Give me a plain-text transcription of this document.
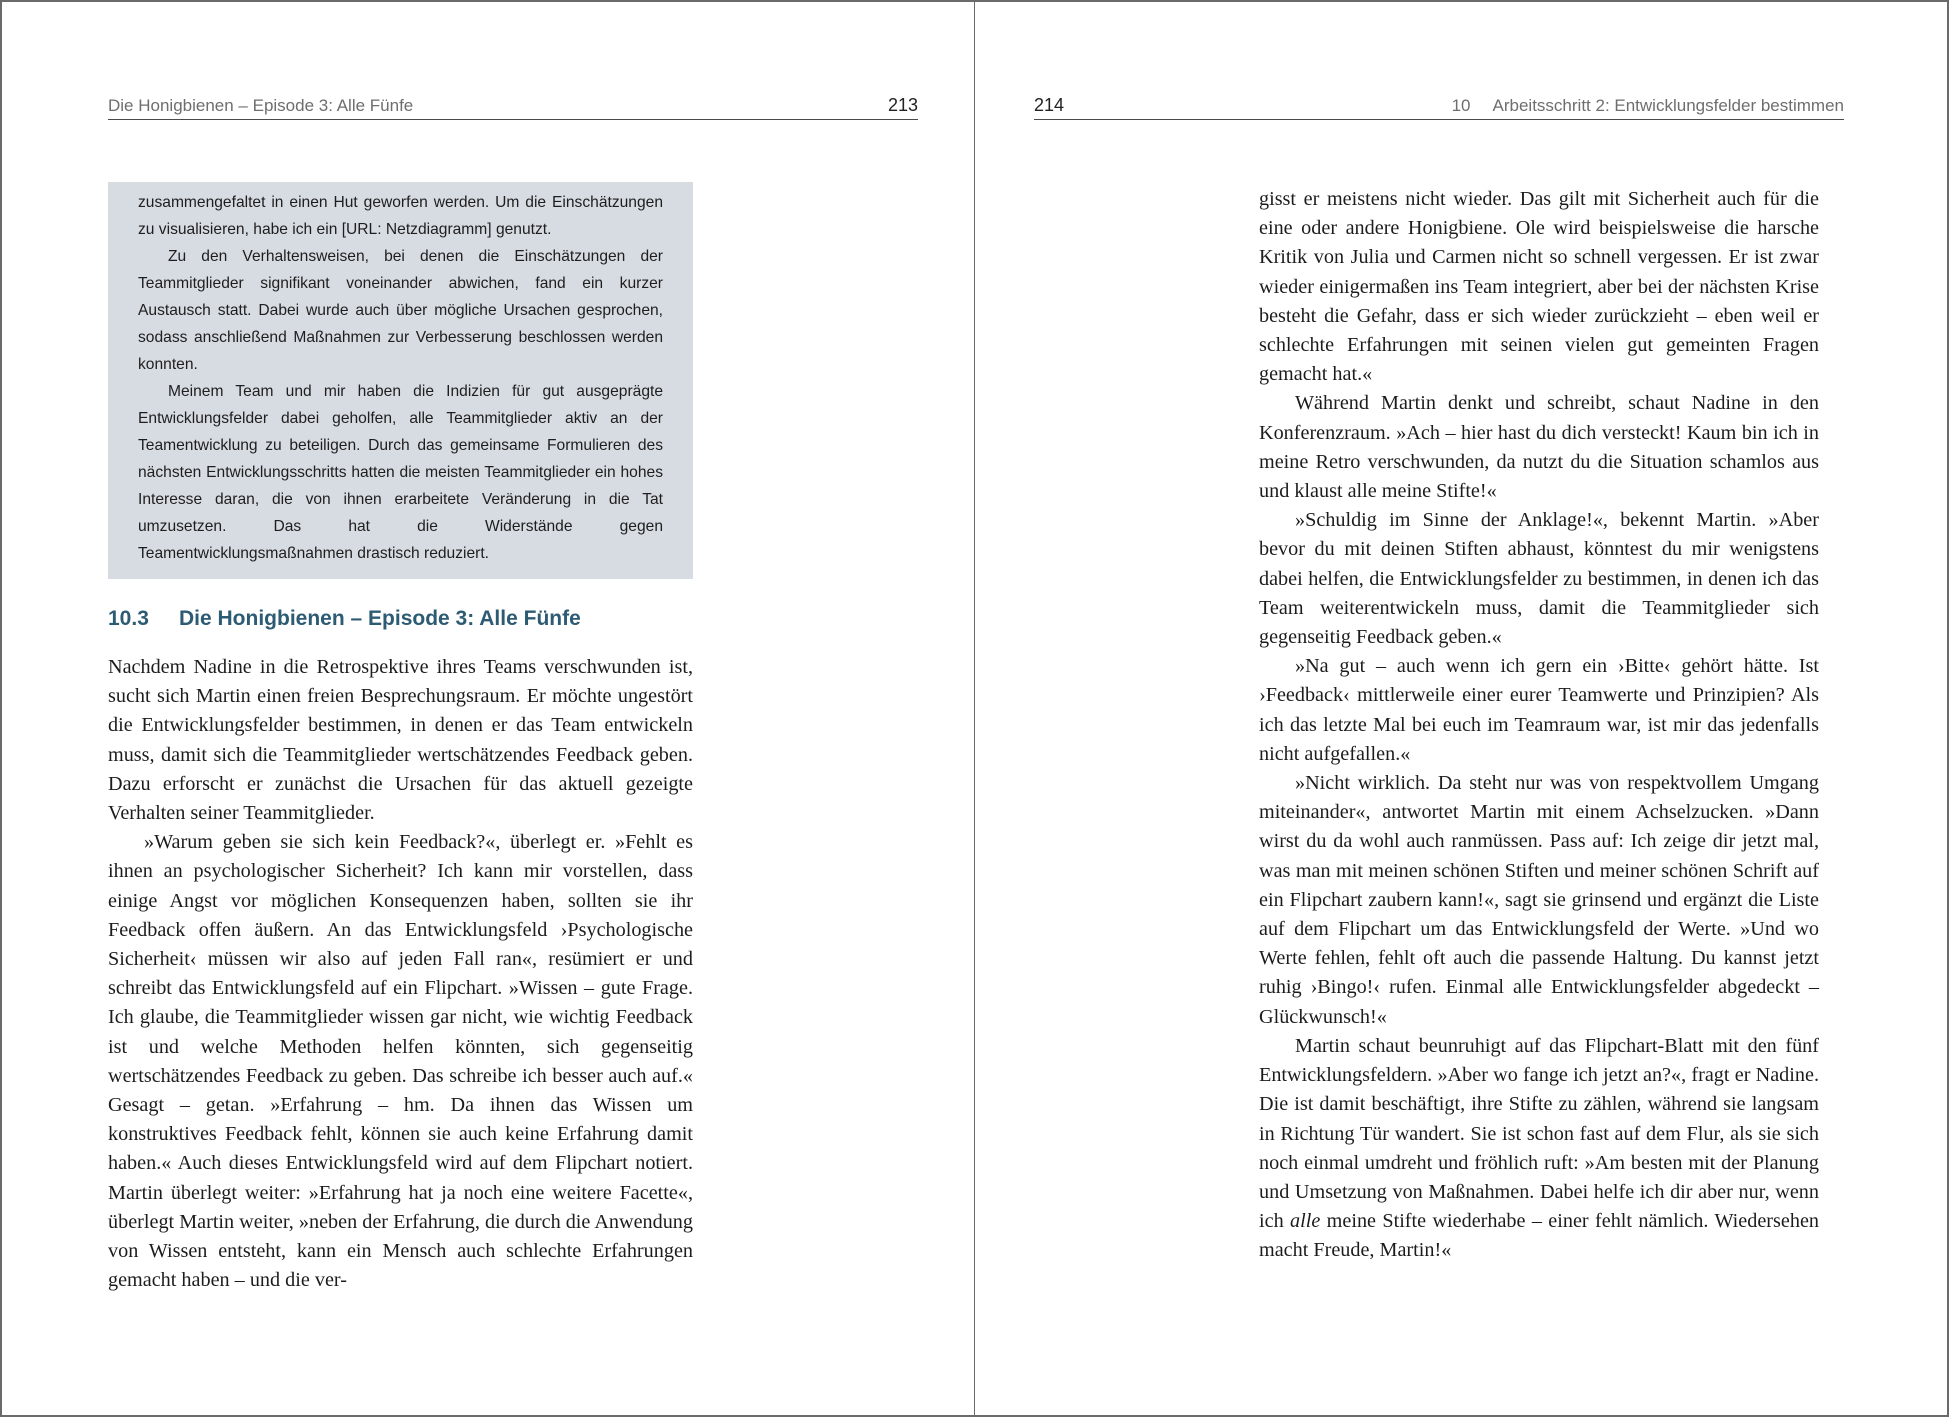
Die Honigbienen – Episode 3: Alle Fünfe	213

zusammengefaltet in einen Hut geworfen werden. Um die Einschätzungen zu visualisieren, habe ich ein [URL: Netzdiagramm] genutzt.

Zu den Verhaltensweisen, bei denen die Einschätzungen der Teammitglieder signifikant voneinander abwichen, fand ein kurzer Austausch statt. Dabei wurde auch über mögliche Ursachen gesprochen, sodass anschließend Maßnahmen zur Verbesserung beschlossen werden konnten.

Meinem Team und mir haben die Indizien für gut ausgeprägte Entwicklungsfelder dabei geholfen, alle Teammitglieder aktiv an der Teamentwicklung zu beteiligen. Durch das gemeinsame Formulieren des nächsten Entwicklungsschritts hatten die meisten Teammitglieder ein hohes Interesse daran, die von ihnen erarbeitete Veränderung in die Tat umzusetzen. Das hat die Widerstände gegen Teamentwicklungsmaßnahmen drastisch reduziert.

10.3 Die Honigbienen – Episode 3: Alle Fünfe

Nachdem Nadine in die Retrospektive ihres Teams verschwunden ist, sucht sich Martin einen freien Besprechungsraum. Er möchte ungestört die Entwicklungsfelder bestimmen, in denen er das Team entwickeln muss, damit sich die Teammitglieder wertschätzendes Feedback geben. Dazu erforscht er zunächst die Ursachen für das aktuell gezeigte Verhalten seiner Teammitglieder.

»Warum geben sie sich kein Feedback?«, überlegt er. »Fehlt es ihnen an psychologischer Sicherheit? Ich kann mir vorstellen, dass einige Angst vor möglichen Konsequenzen haben, sollten sie ihr Feedback offen äußern. An das Entwicklungsfeld ›Psychologische Sicherheit‹ müssen wir also auf jeden Fall ran«, resümiert er und schreibt das Entwicklungsfeld auf ein Flipchart. »Wissen – gute Frage. Ich glaube, die Teammitglieder wissen gar nicht, wie wichtig Feedback ist und welche Methoden helfen könnten, sich gegenseitig wertschätzendes Feedback zu geben. Das schreibe ich besser auch auf.« Gesagt – getan. »Erfahrung – hm. Da ihnen das Wissen um konstruktives Feedback fehlt, können sie auch keine Erfahrung damit haben.« Auch dieses Entwicklungsfeld wird auf dem Flipchart notiert. Martin überlegt weiter: »Erfahrung hat ja noch eine weitere Facette«, überlegt Martin weiter, »neben der Erfahrung, die durch die Anwendung von Wissen entsteht, kann ein Mensch auch schlechte Erfahrungen gemacht haben – und die ver-

214	10 Arbeitsschritt 2: Entwicklungsfelder bestimmen

gisst er meistens nicht wieder. Das gilt mit Sicherheit auch für die eine oder andere Honigbiene. Ole wird beispielsweise die harsche Kritik von Julia und Carmen nicht so schnell vergessen. Er ist zwar wieder einigermaßen ins Team integriert, aber bei der nächsten Krise besteht die Gefahr, dass er sich wieder zurückzieht – eben weil er schlechte Erfahrungen mit seinen vielen gut gemeinten Fragen gemacht hat.«

Während Martin denkt und schreibt, schaut Nadine in den Konferenzraum. »Ach – hier hast du dich versteckt! Kaum bin ich in meine Retro verschwunden, da nutzt du die Situation schamlos aus und klaust alle meine Stifte!«

»Schuldig im Sinne der Anklage!«, bekennt Martin. »Aber bevor du mit deinen Stiften abhaust, könntest du mir wenigstens dabei helfen, die Entwicklungsfelder zu bestimmen, in denen ich das Team weiterentwickeln muss, damit die Teammitglieder sich gegenseitig Feedback geben.«

»Na gut – auch wenn ich gern ein ›Bitte‹ gehört hätte. Ist ›Feedback‹ mittlerweile einer eurer Teamwerte und Prinzipien? Als ich das letzte Mal bei euch im Teamraum war, ist mir das jedenfalls nicht aufgefallen.«

»Nicht wirklich. Da steht nur was von respektvollem Umgang miteinander«, antwortet Martin mit einem Achselzucken. »Dann wirst du da wohl auch ranmüssen. Pass auf: Ich zeige dir jetzt mal, was man mit meinen schönen Stiften und meiner schönen Schrift auf ein Flipchart zaubern kann!«, sagt sie grinsend und ergänzt die Liste auf dem Flipchart um das Entwicklungsfeld der Werte. »Und wo Werte fehlen, fehlt oft auch die passende Haltung. Du kannst jetzt ruhig ›Bingo!‹ rufen. Einmal alle Entwicklungsfelder abgedeckt – Glückwunsch!«

Martin schaut beunruhigt auf das Flipchart-Blatt mit den fünf Entwicklungsfeldern. »Aber wo fange ich jetzt an?«, fragt er Nadine. Die ist damit beschäftigt, ihre Stifte zu zählen, während sie langsam in Richtung Tür wandert. Sie ist schon fast auf dem Flur, als sie sich noch einmal umdreht und fröhlich ruft: »Am besten mit der Planung und Umsetzung von Maßnahmen. Dabei helfe ich dir aber nur, wenn ich alle meine Stifte wiederhabe – einer fehlt nämlich. Wiedersehen macht Freude, Martin!«
